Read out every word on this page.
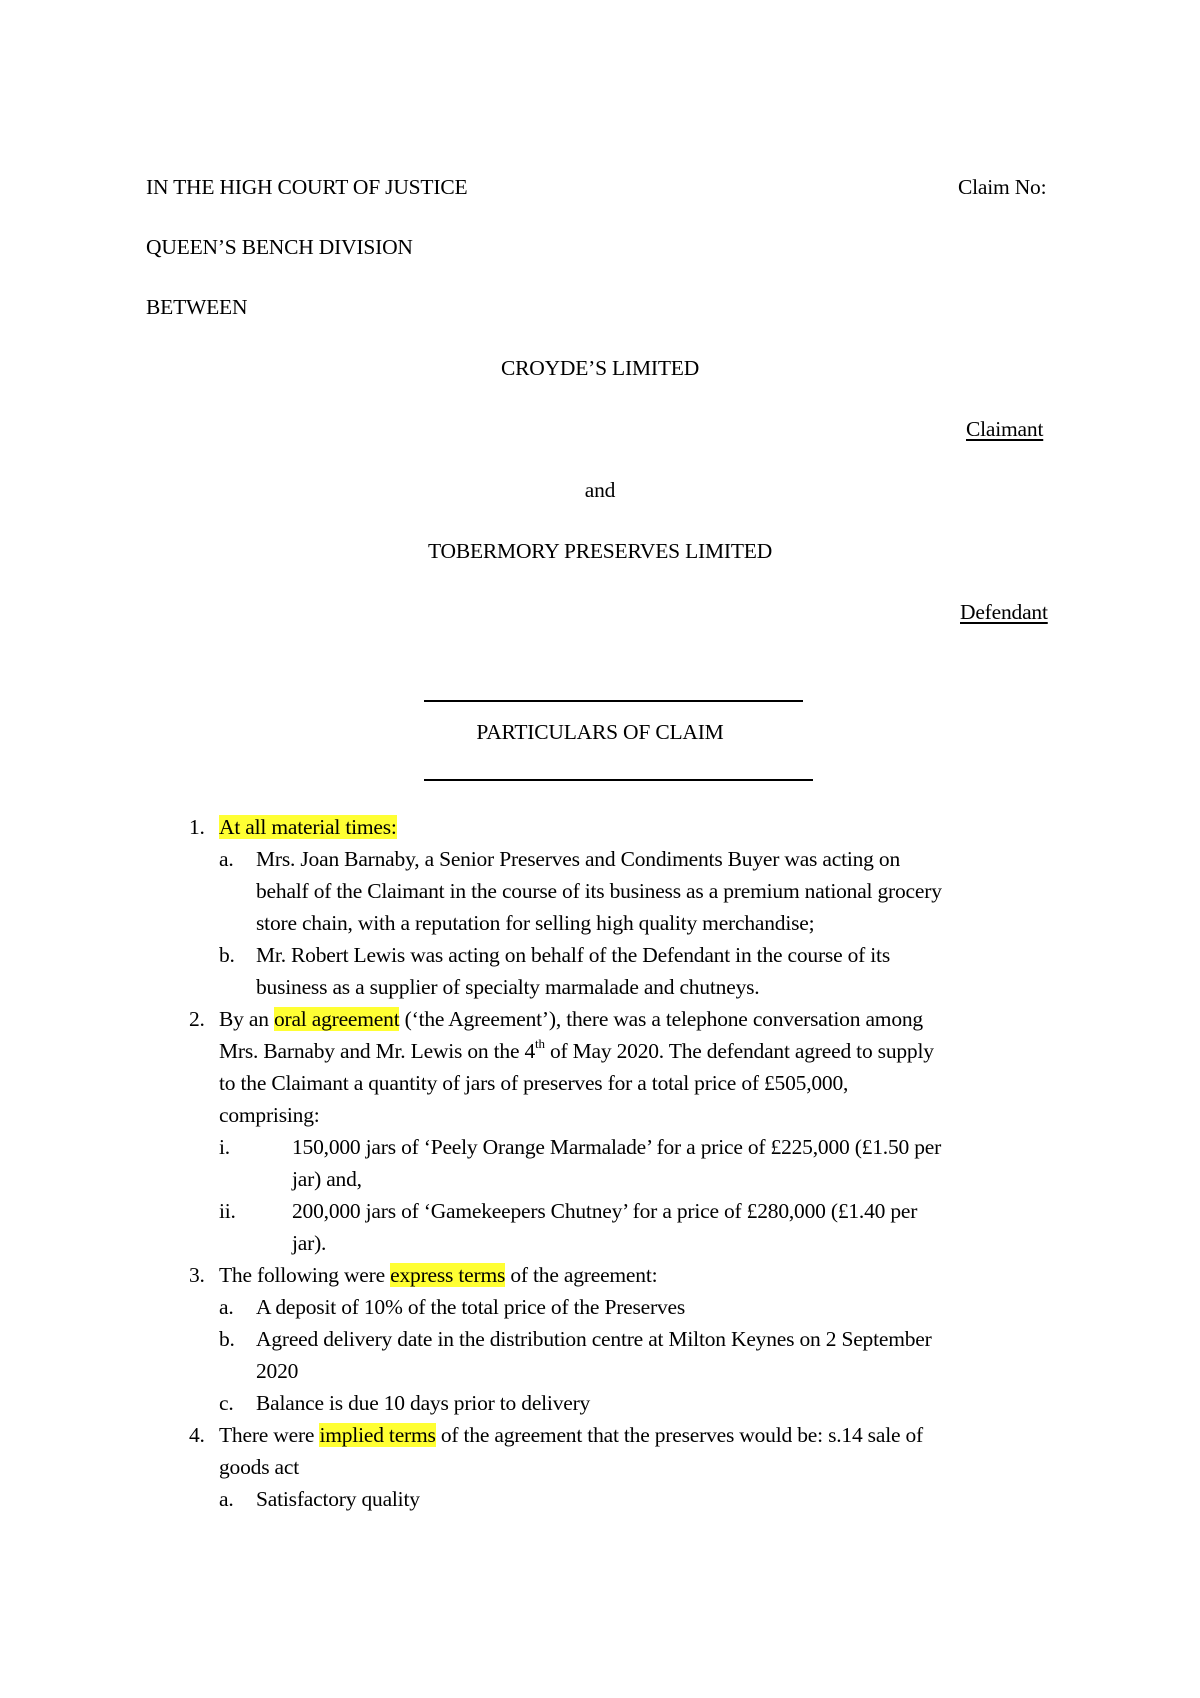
IN THE HIGH COURT OF JUSTICE	Claim No:
QUEEN’S BENCH DIVISION
BETWEEN
CROYDE’S LIMITED
Claimant
and
TOBERMORY PRESERVES LIMITED
Defendant
PARTICULARS OF CLAIM
1. At all material times:
a. Mrs. Joan Barnaby, a Senior Preserves and Condiments Buyer was acting on
behalf of the Claimant in the course of its business as a premium national grocery
store chain, with a reputation for selling high quality merchandise;
b. Mr. Robert Lewis was acting on behalf of the Defendant in the course of its
business as a supplier of specialty marmalade and chutneys.
2. By an oral agreement (‘the Agreement’), there was a telephone conversation among
Mrs. Barnaby and Mr. Lewis on the 4th of May 2020. The defendant agreed to supply
to the Claimant a quantity of jars of preserves for a total price of £505,000,
comprising:
i.	150,000 jars of ‘Peely Orange Marmalade’ for a price of £225,000 (£1.50 per
jar) and,
ii.	200,000 jars of ‘Gamekeepers Chutney’ for a price of £280,000 (£1.40 per
jar).
3. The following were express terms of the agreement:
a. A deposit of 10% of the total price of the Preserves
b. Agreed delivery date in the distribution centre at Milton Keynes on 2 September
2020
c. Balance is due 10 days prior to delivery
4. There were implied terms of the agreement that the preserves would be: s.14 sale of
goods act
a. Satisfactory quality
